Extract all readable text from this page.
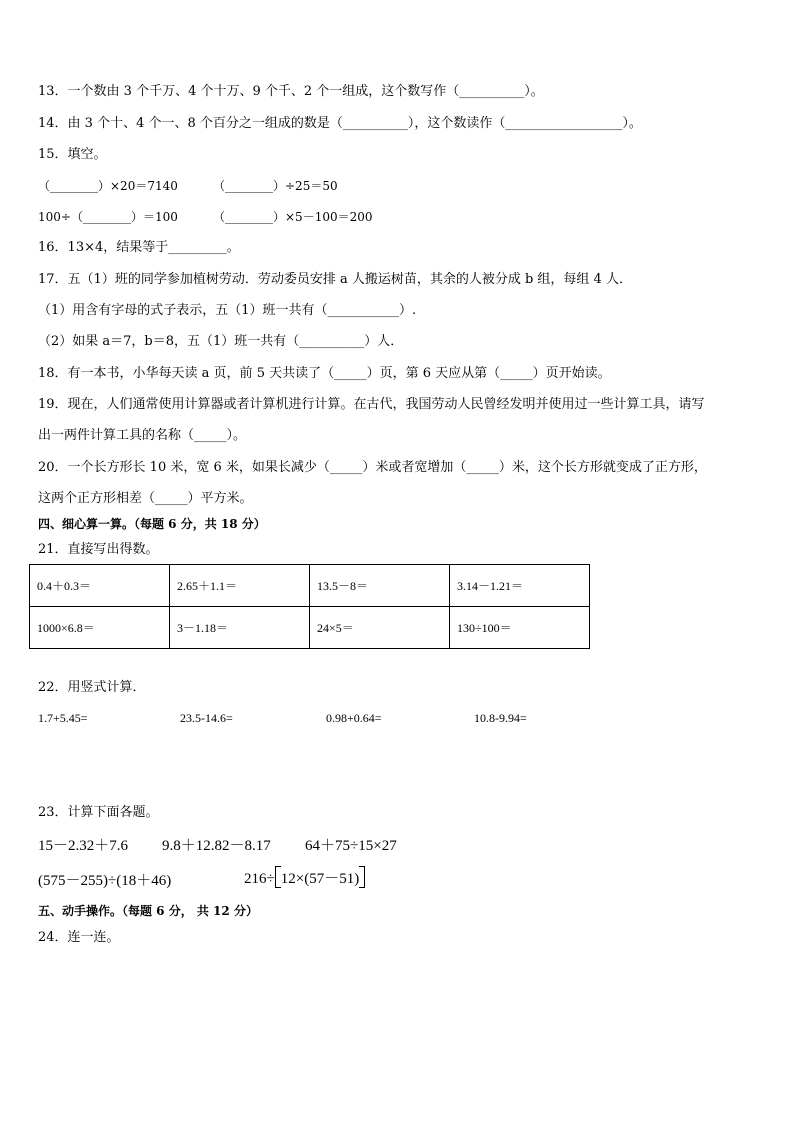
13．一个数由 3 个千万、4 个十万、9 个千、2 个一组成，这个数写作（__________）。
14．由 3 个十、4 个一、8 个百分之一组成的数是（__________），这个数读作（__________________）。
15．填空。
（________）×20＝7140	（________）÷25＝50
100÷（________）＝100	（________）×5－100＝200
16．13×4，结果等于_________。
17．五（1）班的同学参加植树劳动．劳动委员安排 a 人搬运树苗，其余的人被分成 b 组，每组 4 人．
（1）用含有字母的式子表示，五（1）班一共有（___________）.
（2）如果 a＝7，b＝8，五（1）班一共有（__________）人．
18．有一本书，小华每天读 a 页，前 5 天共读了（_____）页，第 6 天应从第（_____）页开始读。
19．现在，人们通常使用计算器或者计算机进行计算。在古代，我国劳动人民曾经发明并使用过一些计算工具，请写
出一两件计算工具的名称（_____）。
20．一个长方形长 10 米，宽 6 米，如果长减少（_____）米或者宽增加（_____）米，这个长方形就变成了正方形，
这两个正方形相差（_____）平方米。
四、细心算一算。（每题 6 分，共 18 分）
21．直接写出得数。
0.4＋0.3＝	2.65＋1.1＝	13.5－8＝	3.14－1.21＝
1000×6.8＝	3－1.18＝	24×5＝	130÷100＝
22．用竖式计算．
1.7+5.45=	23.5-14.6=	0.98+0.64=	10.8-9.94=
23．计算下面各题。
15－2.32＋7.6 9.8＋12.82－8.17 64＋75÷15×27
(575－255)÷(18＋46)	216÷ 12×(57－51)
五、动手操作。（每题 6 分， 共 12 分）
24．连一连。
